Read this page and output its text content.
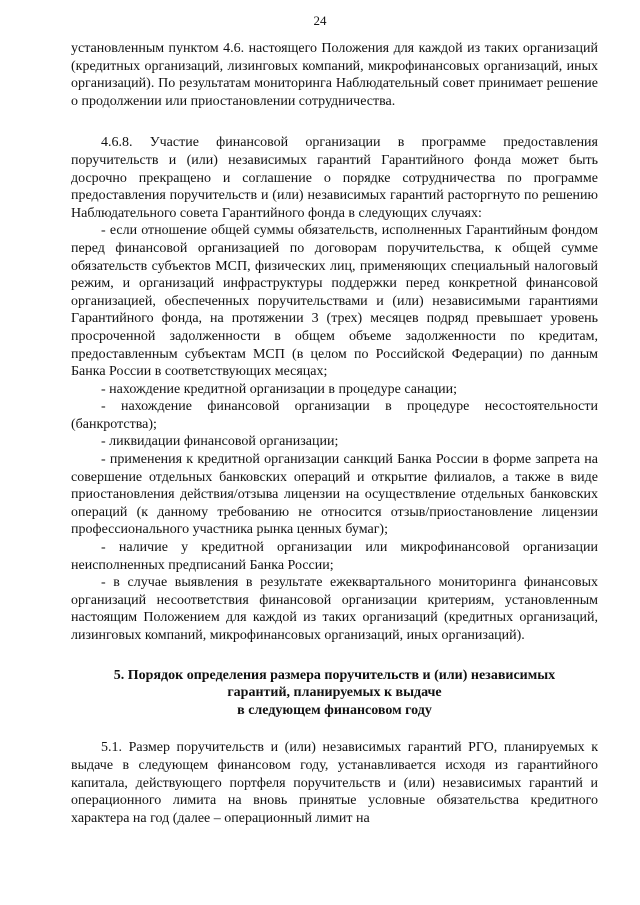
24

установленным пунктом 4.6. настоящего Положения для каждой из таких организаций (кредитных организаций, лизинговых компаний, микрофинансовых организаций, иных организаций). По результатам мониторинга Наблюдательный совет принимает решение о продолжении или приостановлении сотрудничества.

4.6.8. Участие финансовой организации в программе предоставления поручительств и (или) независимых гарантий Гарантийного фонда может быть досрочно прекращено и соглашение о порядке сотрудничества по программе предоставления поручительств и (или) независимых гарантий расторгнуто по решению Наблюдательного совета Гарантийного фонда в следующих случаях:

- если отношение общей суммы обязательств, исполненных Гарантийным фондом перед финансовой организацией по договорам поручительства, к общей сумме обязательств субъектов МСП, физических лиц, применяющих специальный налоговый режим, и организаций инфраструктуры поддержки перед конкретной финансовой организацией, обеспеченных поручительствами и (или) независимыми гарантиями Гарантийного фонда, на протяжении 3 (трех) месяцев подряд превышает уровень просроченной задолженности в общем объеме задолженности по кредитам, предоставленным субъектам МСП (в целом по Российской Федерации) по данным Банка России в соответствующих месяцах;

- нахождение кредитной организации в процедуре санации;

- нахождение финансовой организации в процедуре несостоятельности (банкротства);

- ликвидации финансовой организации;

- применения к кредитной организации санкций Банка России в форме запрета на совершение отдельных банковских операций и открытие филиалов, а также в виде приостановления действия/отзыва лицензии на осуществление отдельных банковских операций (к данному требованию не относится отзыв/приостановление лицензии профессионального участника рынка ценных бумаг);

- наличие у кредитной организации или микрофинансовой организации неисполненных предписаний Банка России;

- в случае выявления в результате ежеквартального мониторинга финансовых организаций несоответствия финансовой организации критериям, установленным настоящим Положением для каждой из таких организаций (кредитных организаций, лизинговых компаний, микрофинансовых организаций, иных организаций).

5. Порядок определения размера поручительств и (или) независимых
гарантий, планируемых к выдаче
в следующем финансовом году

5.1. Размер поручительств и (или) независимых гарантий РГО, планируемых к выдаче в следующем финансовом году, устанавливается исходя из гарантийного капитала, действующего портфеля поручительств и (или) независимых гарантий и операционного лимита на вновь принятые условные обязательства кредитного характера на год (далее – операционный лимит на
